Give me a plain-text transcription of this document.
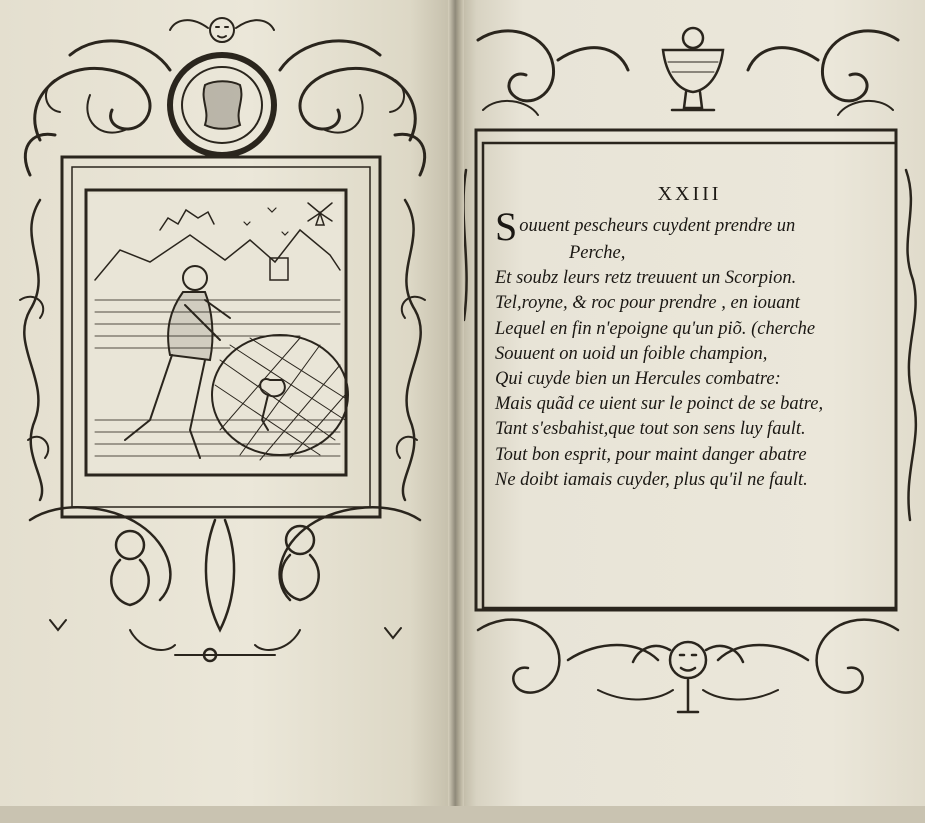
XXIII
Souuent pescheurs cuydent prendre un
Perche,
Et soubz leurs retz treuuent un Scorpion.
Tel,royne, & roc pour prendre , en iouant
Lequel en fin n'epoigne qu'un piõ. (cherche
Souuent on uoid un foible champion,
Qui cuyde bien un Hercules combatre:
Mais quãd ce uient sur le poinct de se batre,
Tant s'esbahist,que tout son sens luy fault.
Tout bon esprit, pour maint danger abatre
Ne doibt iamais cuyder, plus qu'il ne fault.
